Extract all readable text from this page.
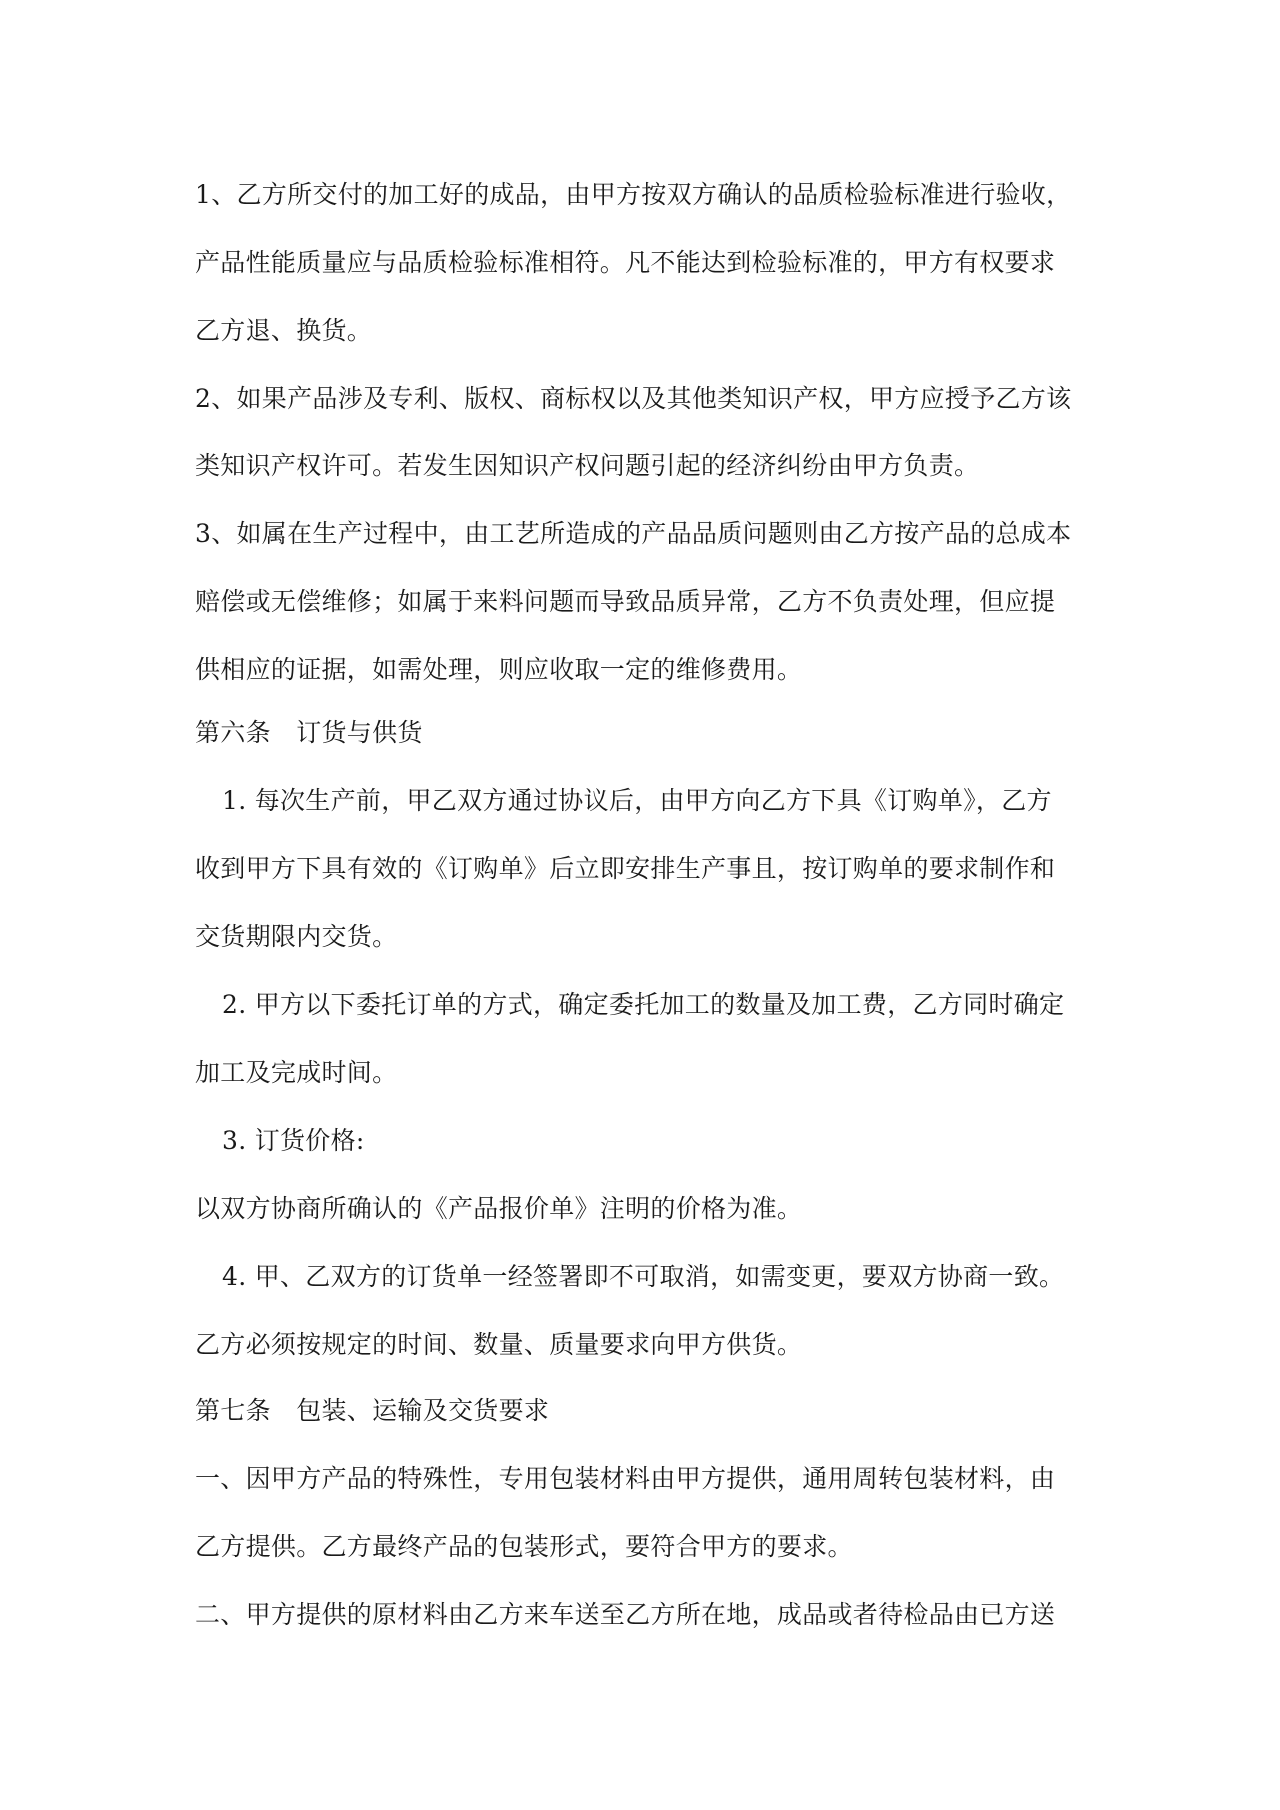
1、乙方所交付的加工好的成品，由甲方按双方确认的品质检验标准进行验收，
产品性能质量应与品质检验标准相符。凡不能达到检验标准的，甲方有权要求
乙方退、换货。
2、如果产品涉及专利、版权、商标权以及其他类知识产权，甲方应授予乙方该
类知识产权许可。若发生因知识产权问题引起的经济纠纷由甲方负责。
3、如属在生产过程中，由工艺所造成的产品品质问题则由乙方按产品的总成本
赔偿或无偿维修；如属于来料问题而导致品质异常，乙方不负责处理，但应提
供相应的证据，如需处理，则应收取一定的维修费用。
第六条　订货与供货
1. 每次生产前，甲乙双方通过协议后，由甲方向乙方下具《订购单》，乙方
收到甲方下具有效的《订购单》后立即安排生产事且，按订购单的要求制作和
交货期限内交货。
2. 甲方以下委托订单的方式，确定委托加工的数量及加工费，乙方同时确定
加工及完成时间。
3. 订货价格:
以双方协商所确认的《产品报价单》注明的价格为准。
4. 甲、乙双方的订货单一经签署即不可取消，如需变更，要双方协商一致。
乙方必须按规定的时间、数量、质量要求向甲方供货。
第七条　包装、运输及交货要求
一、因甲方产品的特殊性，专用包装材料由甲方提供，通用周转包装材料，由
乙方提供。乙方最终产品的包装形式，要符合甲方的要求。
二、甲方提供的原材料由乙方来车送至乙方所在地，成品或者待检品由已方送
